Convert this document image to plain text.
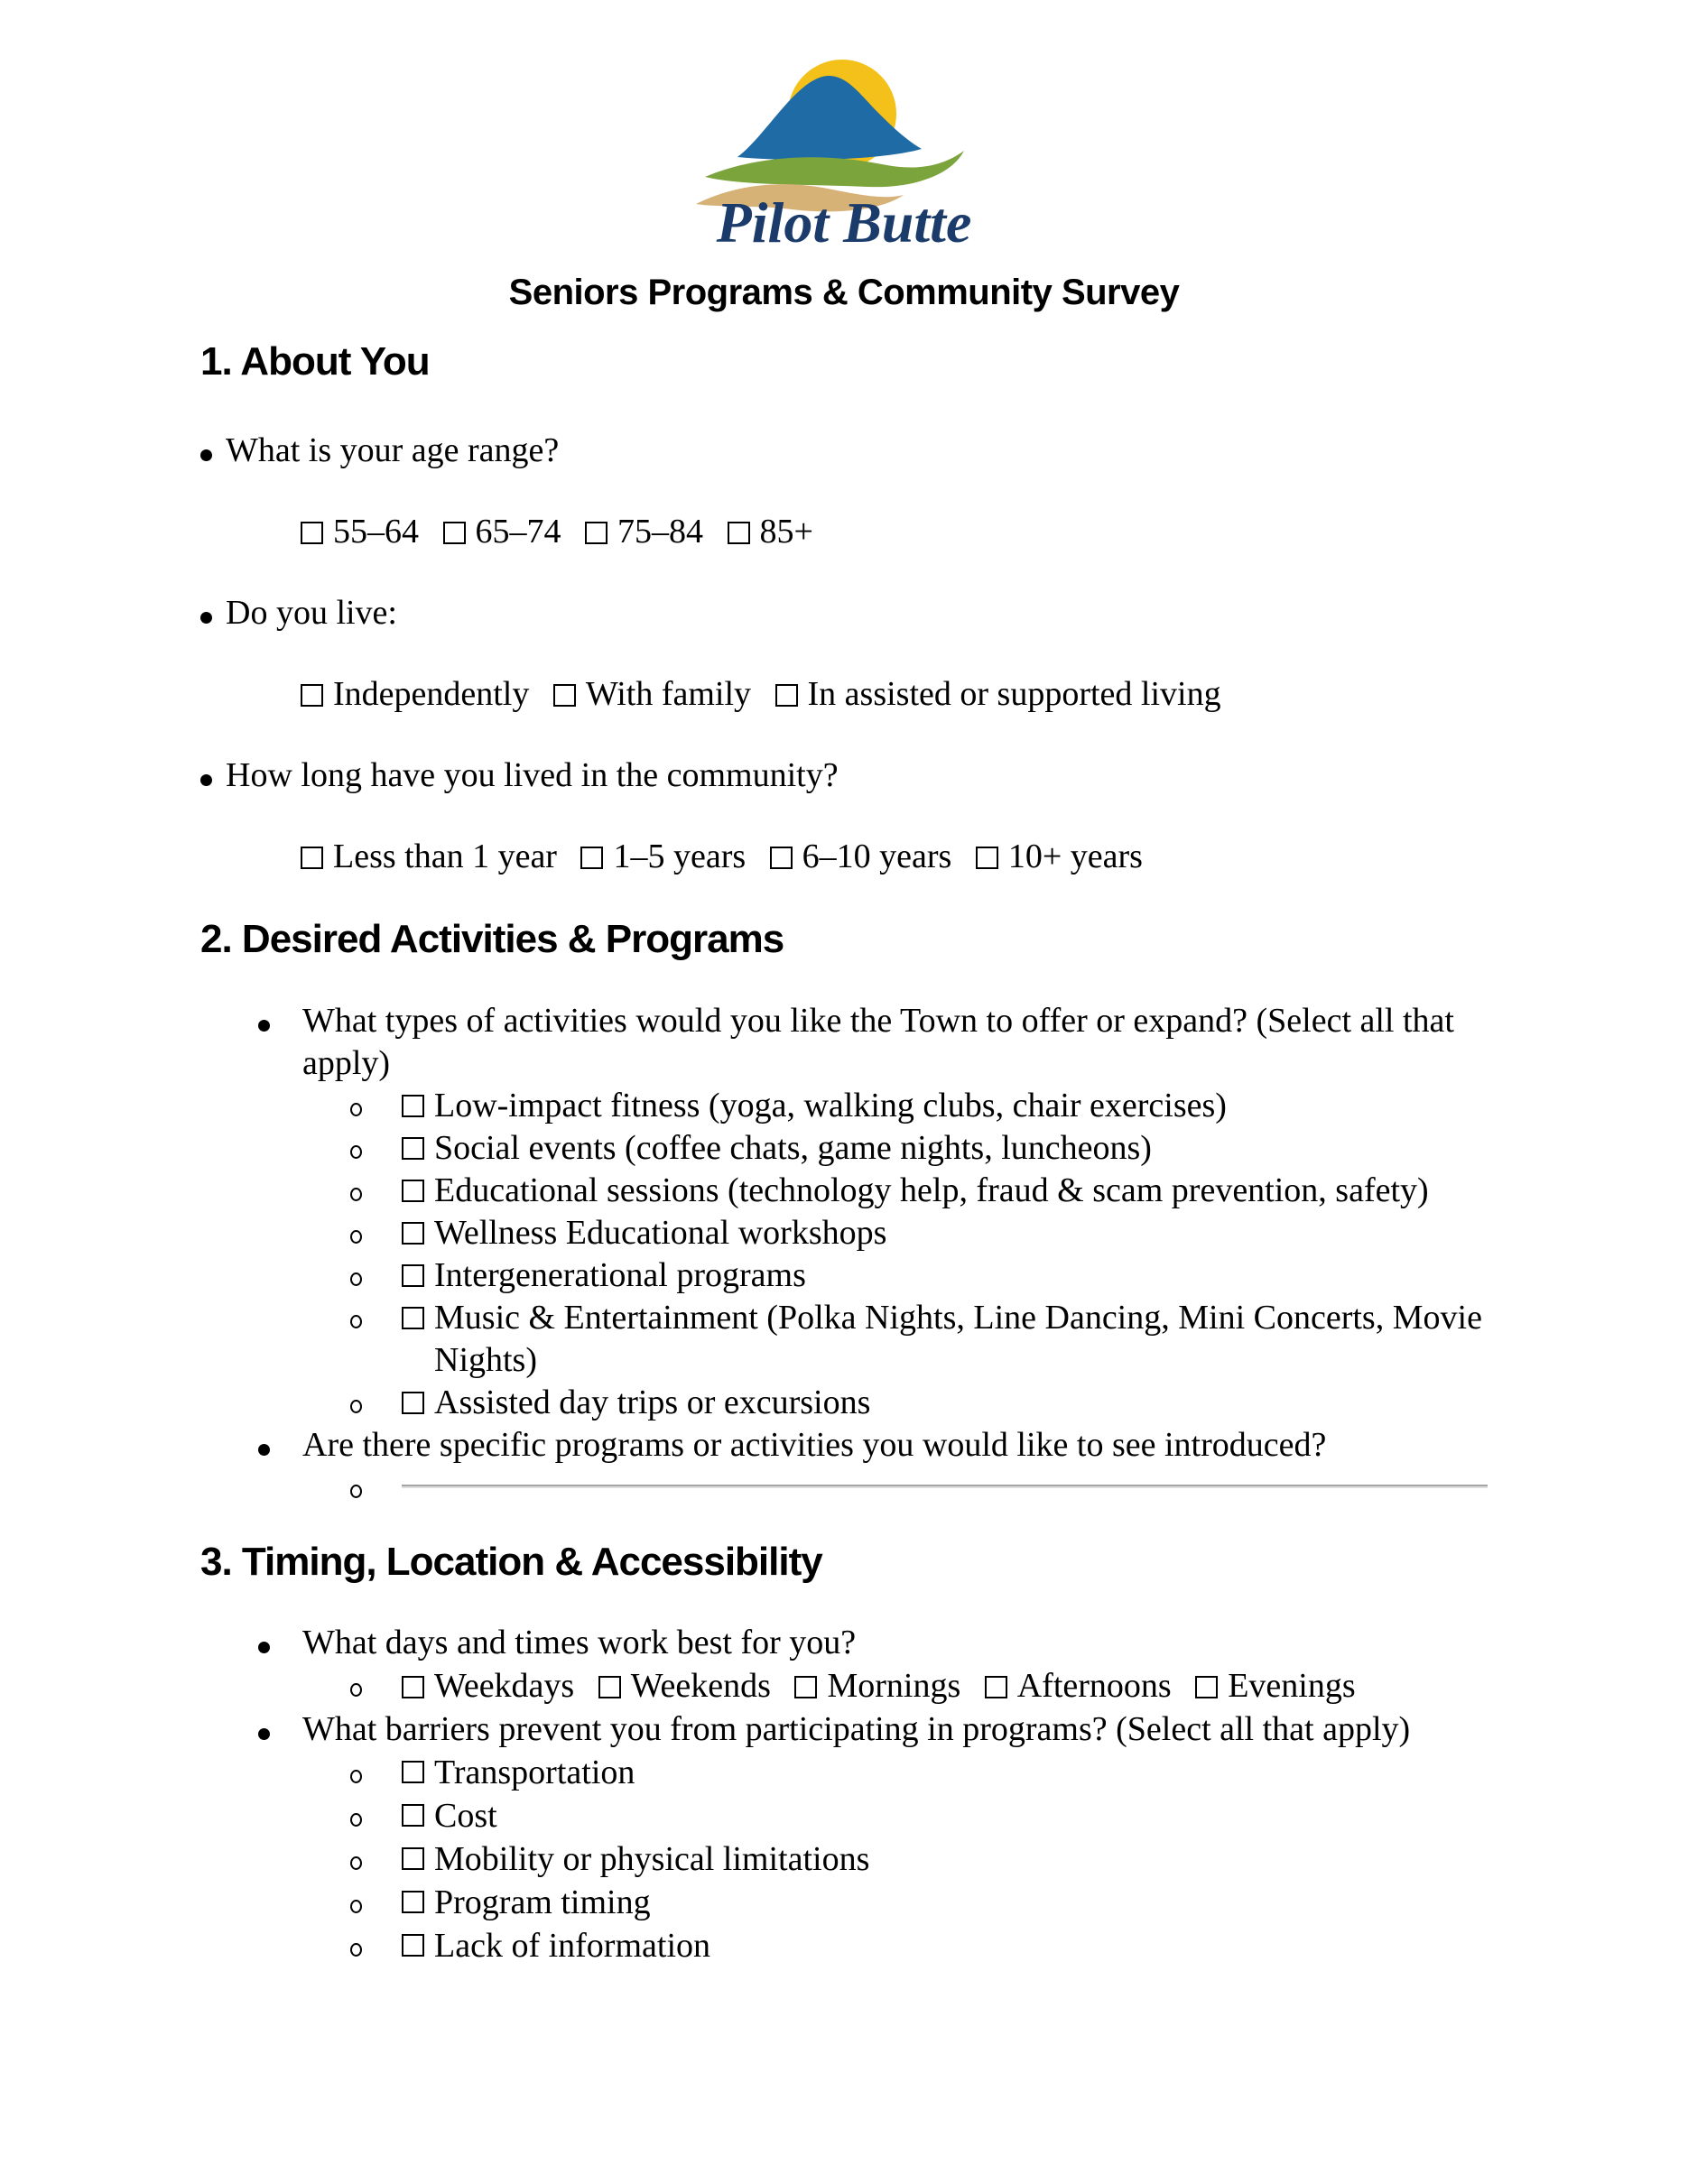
Pilot Butte
Seniors Programs & Community Survey
1. About You
What is your age range?
55–64 65–74 75–84 85+
Do you live:
Independently With family In assisted or supported living
How long have you lived in the community?
Less than 1 year 1–5 years 6–10 years 10+ years
2. Desired Activities & Programs
What types of activities would you like the Town to offer or expand? (Select all that apply)
Low-impact fitness (yoga, walking clubs, chair exercises)
Social events (coffee chats, game nights, luncheons)
Educational sessions (technology help, fraud & scam prevention, safety)
Wellness Educational workshops
Intergenerational programs
Music & Entertainment (Polka Nights, Line Dancing, Mini Concerts, Movie Nights)
Assisted day trips or excursions
Are there specific programs or activities you would like to see introduced?
3. Timing, Location & Accessibility
What days and times work best for you?
Weekdays Weekends Mornings Afternoons Evenings
What barriers prevent you from participating in programs? (Select all that apply)
Transportation
Cost
Mobility or physical limitations
Program timing
Lack of information
